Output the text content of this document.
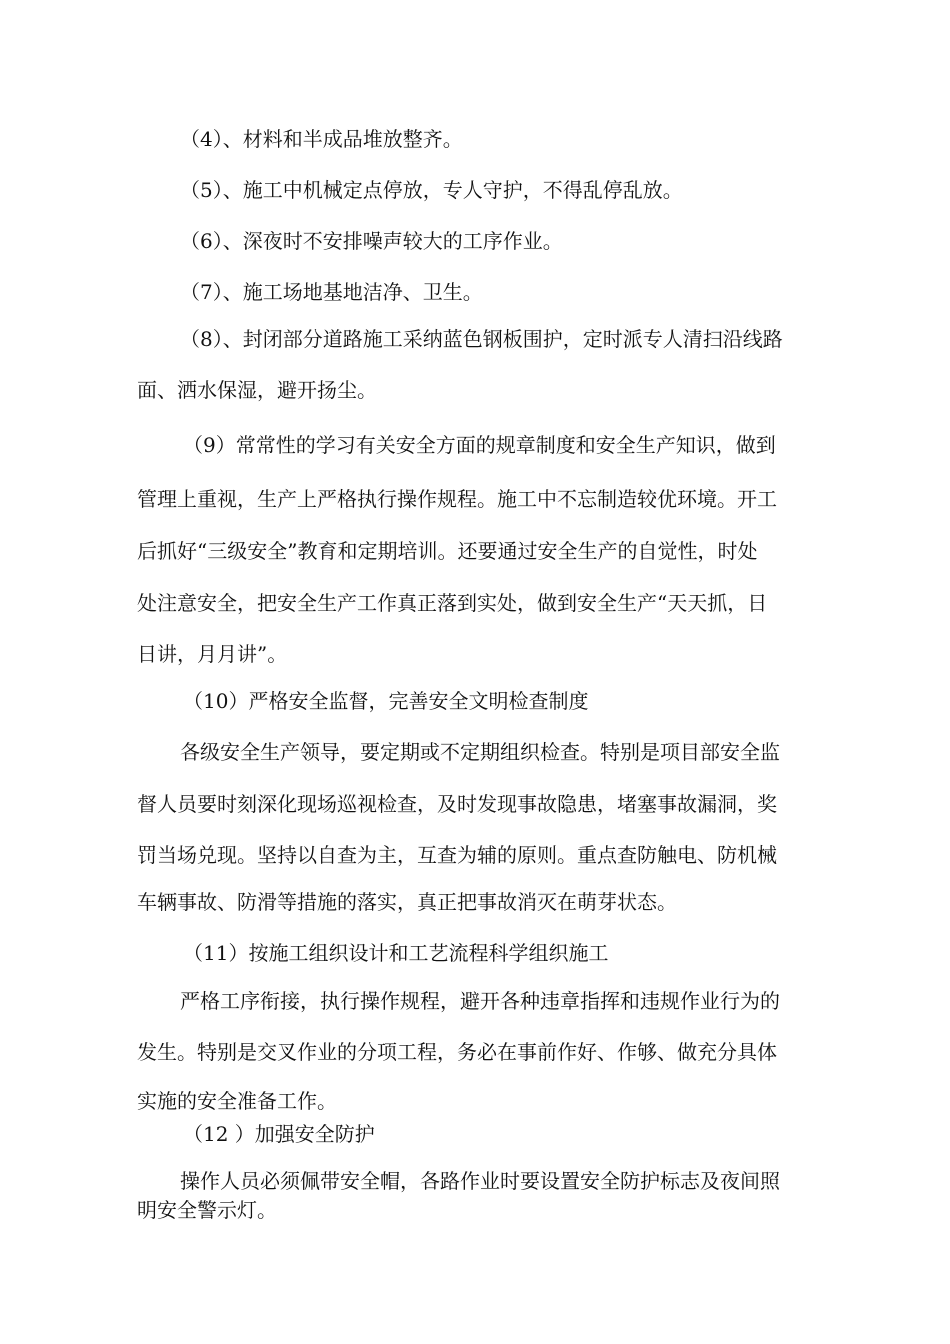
（4）、材料和半成品堆放整齐。

（5）、施工中机械定点停放，专人守护，不得乱停乱放。

（6）、深夜时不安排噪声较大的工序作业。

（7）、施工场地基地洁净、卫生。

（8）、封闭部分道路施工采纳蓝色钢板围护，定时派专人清扫沿线路

面、洒水保湿，避开扬尘。

（9）常常性的学习有关安全方面的规章制度和安全生产知识，做到

管理上重视，生产上严格执行操作规程。施工中不忘制造较优环境。开工

后抓好“三级安全”教育和定期培训。还要通过安全生产的自觉性，时处

处注意安全，把安全生产工作真正落到实处，做到安全生产“天天抓，日

日讲，月月讲”。

（10）严格安全监督，完善安全文明检查制度

各级安全生产领导，要定期或不定期组织检查。特别是项目部安全监

督人员要时刻深化现场巡视检查，及时发现事故隐患，堵塞事故漏洞，奖

罚当场兑现。坚持以自查为主，互查为辅的原则。重点查防触电、防机械

车辆事故、防滑等措施的落实，真正把事故消灭在萌芽状态。

（11）按施工组织设计和工艺流程科学组织施工

严格工序衔接，执行操作规程，避开各种违章指挥和违规作业行为的

发生。特别是交叉作业的分项工程，务必在事前作好、作够、做充分具体

实施的安全准备工作。

（12 ）加强安全防护

操作人员必须佩带安全帽，各路作业时要设置安全防护标志及夜间照

明安全警示灯。
